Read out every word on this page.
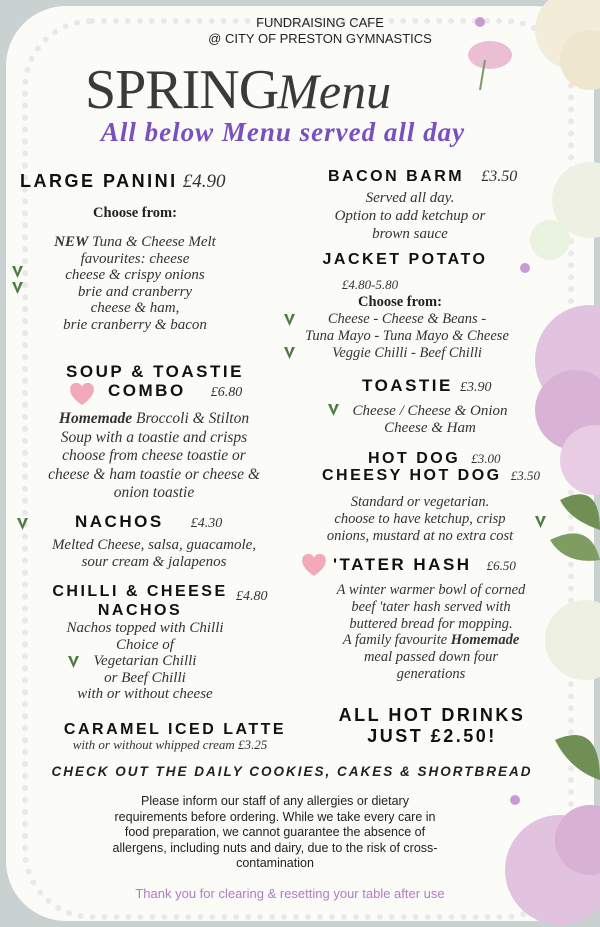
FUNDRAISING CAFE
@ CITY OF PRESTON GYMNASTICS
SPRING Menu
All below Menu served all day
LARGE PANINI £4.90
Choose from:
NEW Tuna & Cheese Melt
favourites: cheese
cheese & crispy onions
brie and cranberry
cheese & ham,
brie cranberry & bacon
SOUP & TOASTIE
COMBO £6.80
Homemade Broccoli & Stilton
Soup with a toastie and crisps
choose from cheese toastie or
cheese & ham toastie or cheese &
onion toastie
NACHOS £4.30
Melted Cheese, salsa, guacamole,
sour cream & jalapenos
CHILLI & CHEESE
NACHOS
£4.80
Nachos topped with Chilli
Choice of
Vegetarian Chilli
or Beef Chilli
with or without cheese
CARAMEL ICED LATTE
with or without whipped cream £3.25
BACON BARM £3.50
Served all day.
Option to add ketchup or
brown sauce
JACKET POTATO
£4.80-5.80
Choose from:
Cheese - Cheese & Beans -
Tuna Mayo - Tuna Mayo & Cheese
Veggie Chilli - Beef Chilli
TOASTIE £3.90
Cheese / Cheese & Onion
Cheese & Ham
HOT DOG £3.00
CHEESY HOT DOG £3.50
Standard or vegetarian.
choose to have ketchup, crisp
onions, mustard at no extra cost
'TATER HASH £6.50
A winter warmer bowl of corned
beef 'tater hash served with
buttered bread for mopping.
A family favourite Homemade
meal passed down four
generations
ALL HOT DRINKS
JUST £2.50!
CHECK OUT THE DAILY COOKIES, CAKES & SHORTBREAD
Please inform our staff of any allergies or dietary
requirements before ordering. While we take every care in
food preparation, we cannot guarantee the absence of
allergens, including nuts and dairy, due to the risk of cross-
contamination
Thank you for clearing & resetting your table after use
